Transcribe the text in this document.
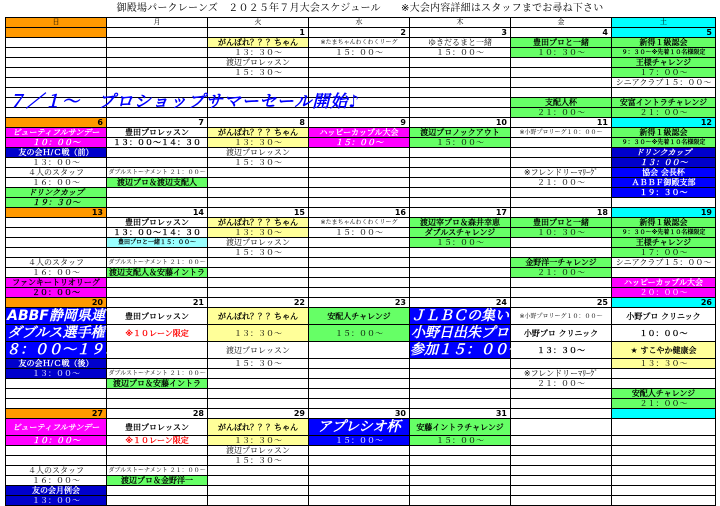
御殿場パークレーンズ　２０２５年７月大会スケジュール　　※大会内容詳細はスタッフまでお尋ね下さい
日	月	火	水	木	金	土
		1	2	3	4	5
		がんばれ？？？ちゃん	※たまちゃんわくわくリーグ	ゆきだるまと一緒	豊田プロと一緒	新得１級認会
		１３：３０～	１５：００～	１５：００～	１０：３０～	９：３０～※先着１０名様限定
		渡辺プロレッスン				王様チャレンジ
		１５：３０～				１７：００～
						シニアクラブ１５：００～

					支配人杯	安富イントラチャレンジ
					２１：００～	２１：００～
6	7	8	9	10	11	12
ビューティフルサンデー	豊田プロレッスン	がんばれ？？？ちゃん	ハッピーカップル大会	渡辺プロノックアウト	※小野プロリーグ１０：００～	新得１級認会
１０：００～	１３：００～１４：３０	１３：３０～	１５：００～	１５：００～		９：３０～※先着１０名様限定
友の会Ｈ/Ｃ戦（前）		渡辺プロレッスン				ドリンクカップ
１３：００～		１５：３０～				１３：００～
４人のスタッフ	ダブルストーナメント ２１：００～				※フレンドリーﾏﾘｰｸﾞ	協会 会長杯
１６：００～	渡辺プロ＆渡辺支配人				２１：００～	ＡＢＢＦ御殿支部
ドリンクカップ						１９：３０～
１９：３０～						
13	14	15	16	17	18	19
	豊田プロレッスン	がんばれ？？？ちゃん	※たまちゃんわくわくリーグ	渡辺宰プロ＆森井幸恵	豊田プロと一緒	新得１級認会
	１３：００～１４：３０	１３：３０～	１５：００～	ダブルスチャレンジ	１０：３０～	９：３０～※先着１０名様限定
	豊田プロと一緒１５：００～	渡辺プロレッスン		１５：００～		王様チャレンジ
		１５：３０～				１７：００～
４人のスタッフ	ダブルストーナメント ２１：００～				金野洋一チャレンジ	シニアクラブ１５：００～
１６：００～	渡辺支配人＆安藤イントラ				２１：００～	
ファンキートリオリーグ						ハッピーカップル大会
２０：００～						２０：００～
20	21	22	23	24	25	26
ABBF静岡県連	豊田プロレッスン	がんばれ？？？ちゃん	安配人チャレンジ	ＪＬＢＣの集い	※小野プロリーグ１０：００～	小野プロ クリニック
ダブルス選手権	※１０レーン限定	１３：３０～	１５：００～	小野日出朱プロ	小野プロ クリニック	１０：００～
８：００～１９：００		渡辺プロレッスン		参加１５：００～	１３：３０～	★ すこやか健康会
友の会Ｈ/Ｃ戦（後）		１５：３０～				１３：３０～
１３：００～	ダブルストーナメント ２１：００～				※フレンドリーﾏﾘｰｸﾞ	
	渡辺プロ＆安藤イントラ				２１：００～	
						安配人チャレンジ
						２１：００～
27	28	29	30	31		
ビューティフルサンデー	豊田プロレッスン	がんばれ？？？ちゃん	アプレシオ杯	安藤イントラチャレンジ		
１０：００～	※１０レーン限定	１３：３０～	１５：００～	１５：００～		
		渡辺プロレッスン				
		１５：３０～				
４人のスタッフ	ダブルストーナメント ２１：００～					
１６：００～	渡辺プロ＆金野洋一					
友の会月例会						
１３：００～						
７／１～　プロショップサマーセール開始♪
